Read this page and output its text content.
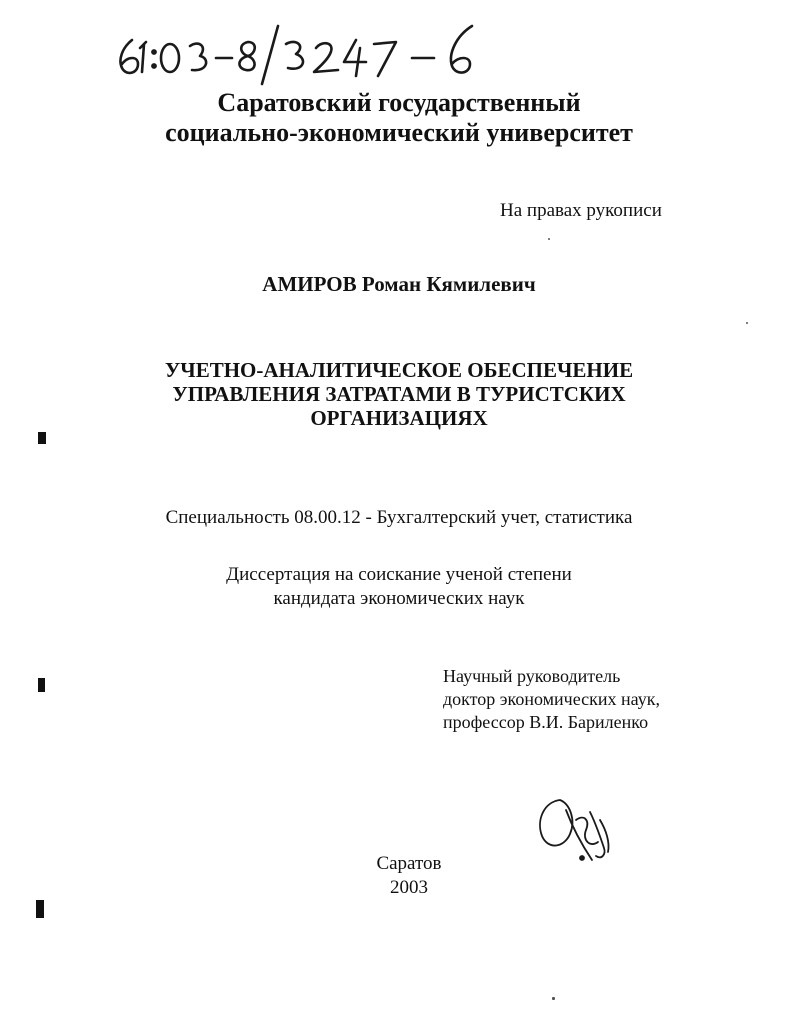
Саратовский государственный
социально-экономический университет
На правах рукописи
АМИРОВ Роман Кямилевич
УЧЕТНО-АНАЛИТИЧЕСКОЕ ОБЕСПЕЧЕНИЕ
УПРАВЛЕНИЯ ЗАТРАТАМИ В ТУРИСТСКИХ
ОРГАНИЗАЦИЯХ
Специальность 08.00.12 - Бухгалтерский учет, статистика
Диссертация на соискание ученой степени
кандидата экономических наук
Научный руководитель
доктор экономических наук,
профессор В.И. Бариленко
Саратов
2003
